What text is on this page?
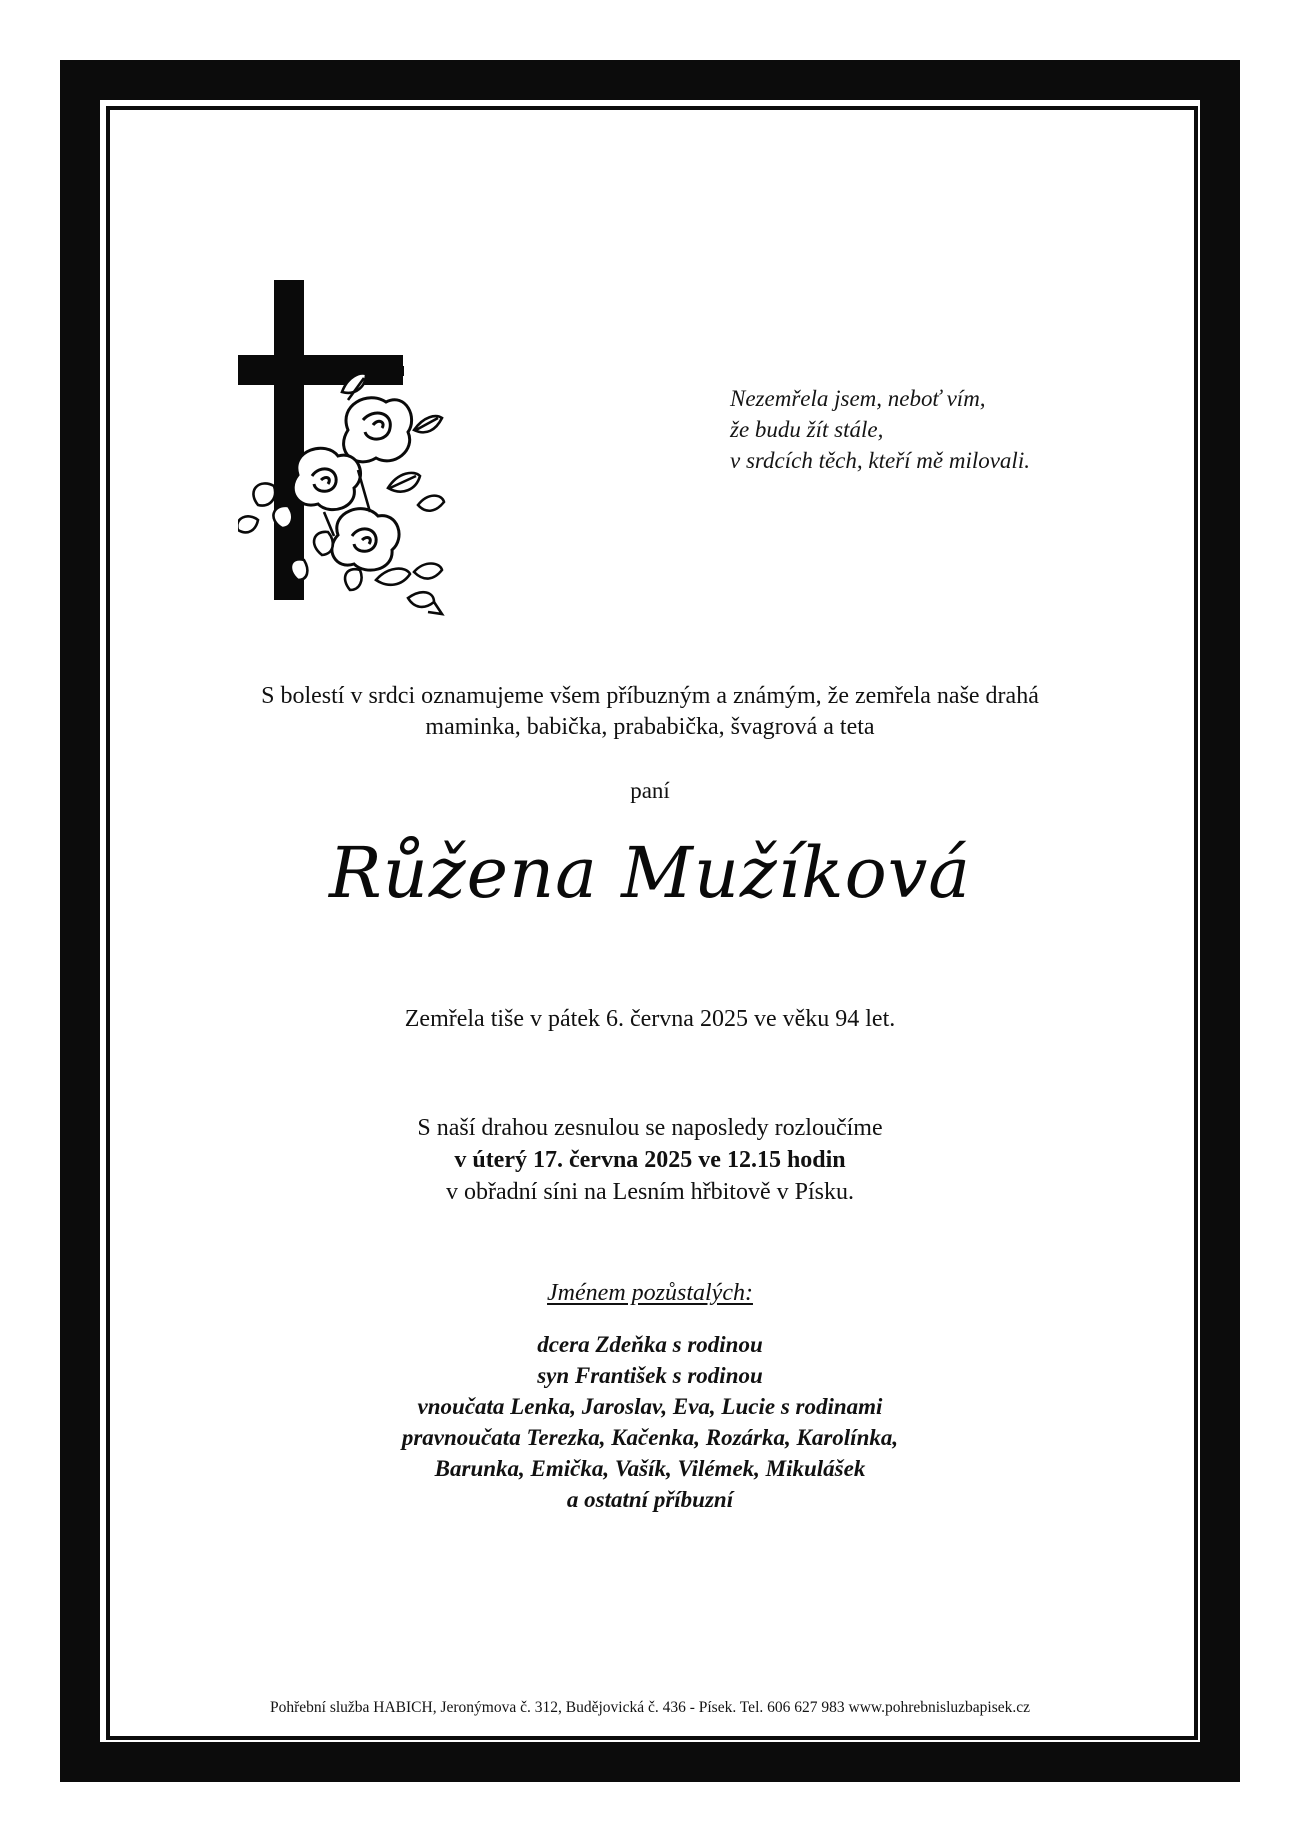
Nezemřela jsem, neboť vím,
že budu žít stále,
v srdcích těch, kteří mě milovali.
S bolestí v srdci oznamujeme všem příbuzným a známým, že zemřela naše drahá
maminka, babička, prababička, švagrová a teta
paní
Růžena Mužíková
Zemřela tiše v pátek 6. června 2025 ve věku 94 let.
S naší drahou zesnulou se naposledy rozloučíme
v úterý 17. června 2025 ve 12.15 hodin
v obřadní síni na Lesním hřbitově v Písku.
Jménem pozůstalých:
dcera Zdeňka s rodinou
syn František s rodinou
vnoučata Lenka, Jaroslav, Eva, Lucie s rodinami
pravnoučata Terezka, Kačenka, Rozárka, Karolínka,
Barunka, Emička, Vašík, Vilémek, Mikulášek
a ostatní příbuzní
Pohřební služba HABICH, Jeronýmova č. 312, Budějovická č. 436 - Písek. Tel. 606 627 983 www.pohrebnisluzbapisek.cz
